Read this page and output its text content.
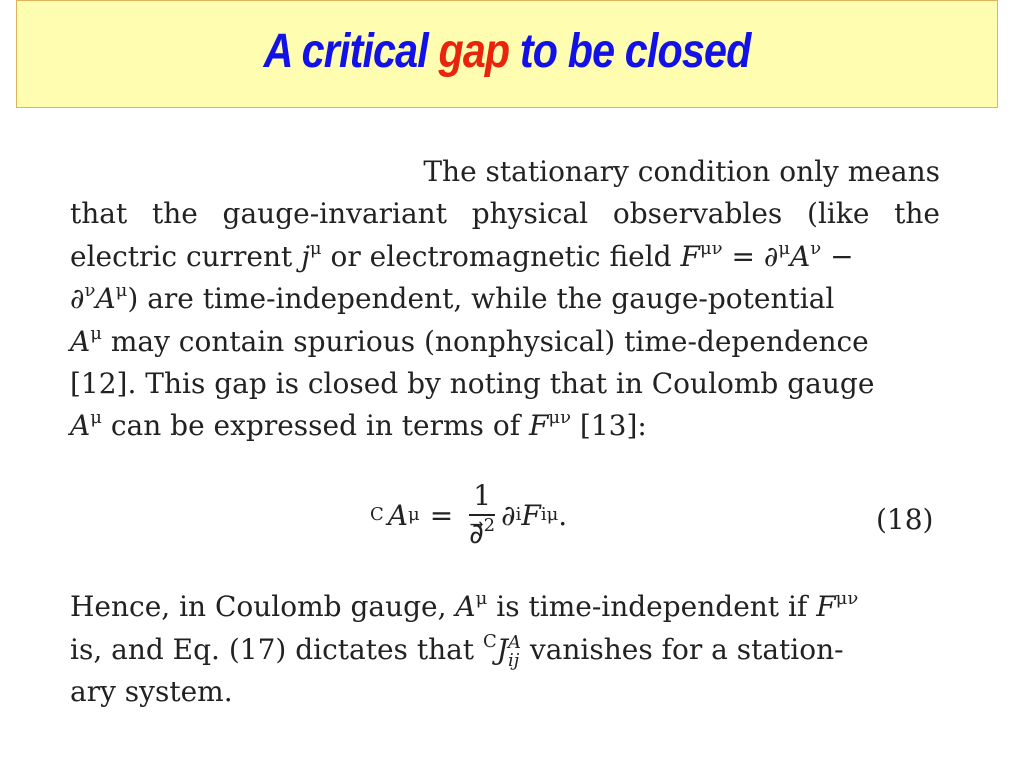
A critical gap to be closed
The stationary condition only means
that the gauge-invariant physical observables (like the
electric current $j^\mu$ or electromagnetic field $F^{\mu\nu} = \partial^\mu A^\nu$ −
$\partial^\nu A^\mu$) are time-independent, while the gauge-potential
$A^\mu$ may contain spurious (nonphysical) time-dependence
[12]. This gap is closed by noting that in Coulomb gauge
$A^\mu$ can be expressed in terms of $F^{\mu\nu}$ [13]:
C A $\mu = \frac{1}{\partial⃗^2}$ ∂ i F iμ .	(18)
Hence, in Coulomb gauge, $A^\mu$ is time-independent if $F^{\mu\nu}$
is, and Eq. (17) dictates that $^C$J A
ij vanishes for a station-
ary system.
